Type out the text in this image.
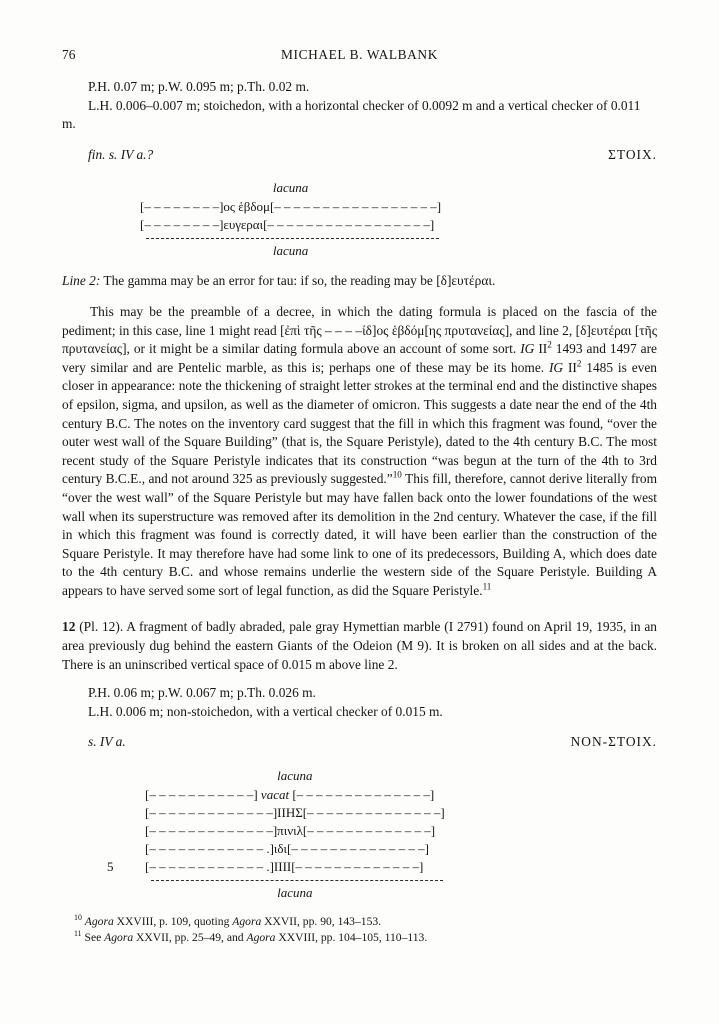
76	MICHAEL B. WALBANK

P.H. 0.07 m; p.W. 0.095 m; p.Th. 0.02 m.

L.H. 0.006–0.007 m; stoichedon, with a horizontal checker of 0.0092 m and a vertical checker of 0.011 m.

fin. s. IV a.?	ΣΤΟΙΧ.
lacuna
[– – – – – – – –]ος ἑβδομ[– – – – – – – – – – – – – – – – –]
[– – – – – – – –]ευγεραι[– – – – – – – – – – – – – – – – –]
lacuna

Line 2: The gamma may be an error for tau: if so, the reading may be [δ]ευτέραι.

This may be the preamble of a decree, in which the dating formula is placed on the fascia of the pediment; in this case, line 1 might read [ἐπὶ τῆς – – – –ίδ]ος ἑβδόμ[ης πρυτανείας], and line 2, [δ]ευτέραι [τῆς πρυτανείας], or it might be a similar dating formula above an account of some sort. IG $II^2$ 1493 and 1497 are very similar and are Pentelic marble, as this is; perhaps one of these may be its home. IG $II^2$ 1485 is even closer in appearance: note the thickening of straight letter strokes at the terminal end and the distinctive shapes of epsilon, sigma, and upsilon, as well as the diameter of omicron. This suggests a date near the end of the 4th century B.C. The notes on the inventory card suggest that the fill in which this fragment was found, “over the outer west wall of the Square Building” (that is, the Square Peristyle), dated to the 4th century B.C. The most recent study of the Square Peristyle indicates that its construction “was begun at the turn of the 4th to 3rd century B.C.E., and not around 325 as previously suggested.”$^{10}$ This fill, therefore, cannot derive literally from “over the west wall” of the Square Peristyle but may have fallen back onto the lower foundations of the west wall when its superstructure was removed after its demolition in the 2nd century. Whatever the case, if the fill in which this fragment was found is correctly dated, it will have been earlier than the construction of the Square Peristyle. It may therefore have had some link to one of its predecessors, Building A, which does date to the 4th century B.C. and whose remains underlie the western side of the Square Peristyle. Building A appears to have served some sort of legal function, as did the Square Peristyle.$^{11}$

12 (Pl. 12). A fragment of badly abraded, pale gray Hymettian marble (I 2791) found on April 19, 1935, in an area previously dug behind the eastern Giants of the Odeion (M 9). It is broken on all sides and at the back. There is an uninscribed vertical space of 0.015 m above line 2.

P.H. 0.06 m; p.W. 0.067 m; p.Th. 0.026 m.

L.H. 0.006 m; non-stoichedon, with a vertical checker of 0.015 m.

s. IV a.	ΝΟΝ-ΣΤΟΙΧ.
lacuna
[– – – – – – – – – – –] vacat [– – – – – – – – – – – – – –]
[– – – – – – – – – – – – –]ΙΙΗΣ[– – – – – – – – – – – – – –]
[– – – – – – – – – – – – –]πινιλ[– – – – – – – – – – – – –]
[– – – – – – – – – – – – .]ιδι[– – – – – – – – – – – – – –]
5 [– – – – – – – – – – – – .]ΙΙΙΙ[– – – – – – – – – – – – –]
lacuna

$^{10}$ Agora XXVIII, p. 109, quoting Agora XXVII, pp. 90, 143–153.

$^{11}$ See Agora XXVII, pp. 25–49, and Agora XXVIII, pp. 104–105, 110–113.
